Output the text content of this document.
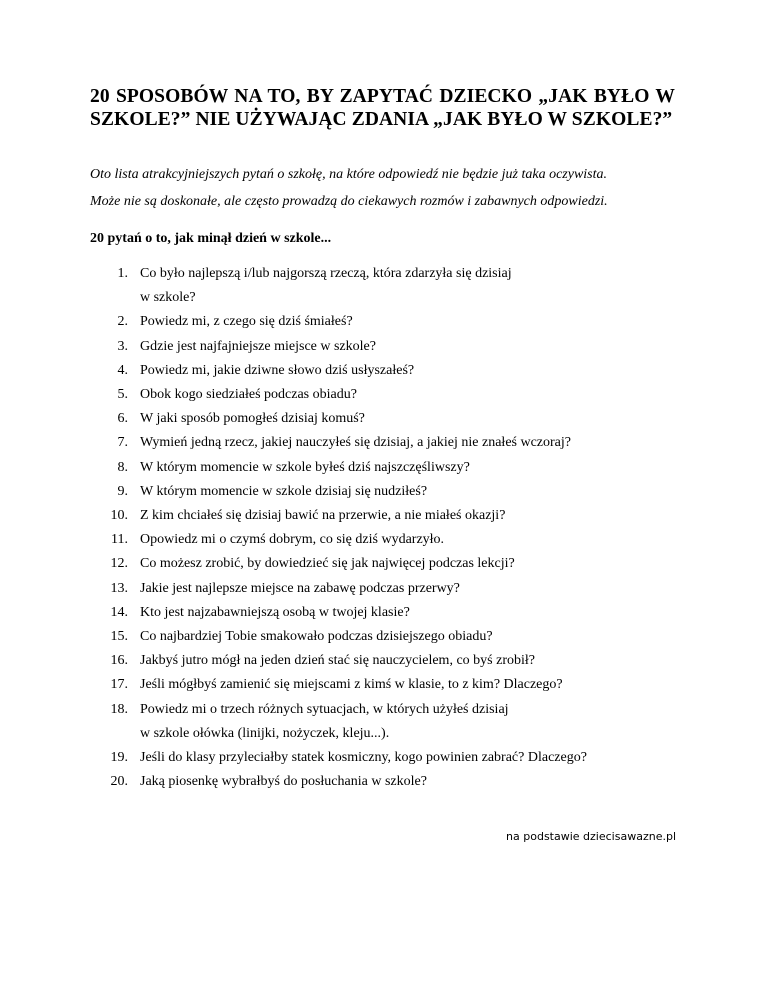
20 SPOSOBÓW NA TO, BY ZAPYTAĆ DZIECKO „JAK BYŁO W SZKOLE?” NIE UŻYWAJĄC ZDANIA „JAK BYŁO W SZKOLE?”

Oto lista atrakcyjniejszych pytań o szkołę, na które odpowiedź nie będzie już taka oczywista.
Może nie są doskonałe, ale często prowadzą do ciekawych rozmów i zabawnych odpowiedzi.

20 pytań o to, jak minął dzień w szkole...

1. Co było najlepszą i/lub najgorszą rzeczą, która zdarzyła się dzisiaj
w szkole?
2. Powiedz mi, z czego się dziś śmiałeś?
3. Gdzie jest najfajniejsze miejsce w szkole?
4. Powiedz mi, jakie dziwne słowo dziś usłyszałeś?
5. Obok kogo siedziałeś podczas obiadu?
6. W jaki sposób pomogłeś dzisiaj komuś?
7. Wymień jedną rzecz, jakiej nauczyłeś się dzisiaj, a jakiej nie znałeś wczoraj?
8. W którym momencie w szkole byłeś dziś najszczęśliwszy?
9. W którym momencie w szkole dzisiaj się nudziłeś?
10. Z kim chciałeś się dzisiaj bawić na przerwie, a nie miałeś okazji?
11. Opowiedz mi o czymś dobrym, co się dziś wydarzyło.
12. Co możesz zrobić, by dowiedzieć się jak najwięcej podczas lekcji?
13. Jakie jest najlepsze miejsce na zabawę podczas przerwy?
14. Kto jest najzabawniejszą osobą w twojej klasie?
15. Co najbardziej Tobie smakowało podczas dzisiejszego obiadu?
16. Jakbyś jutro mógł na jeden dzień stać się nauczycielem, co byś zrobił?
17. Jeśli mógłbyś zamienić się miejscami z kimś w klasie, to z kim? Dlaczego?
18. Powiedz mi o trzech różnych sytuacjach, w których użyłeś dzisiaj
w szkole ołówka (linijki, nożyczek, kleju...).
19. Jeśli do klasy przyleciałby statek kosmiczny, kogo powinien zabrać? Dlaczego?
20. Jaką piosenkę wybrałbyś do posłuchania w szkole?

na podstawie dziecisawazne.pl
